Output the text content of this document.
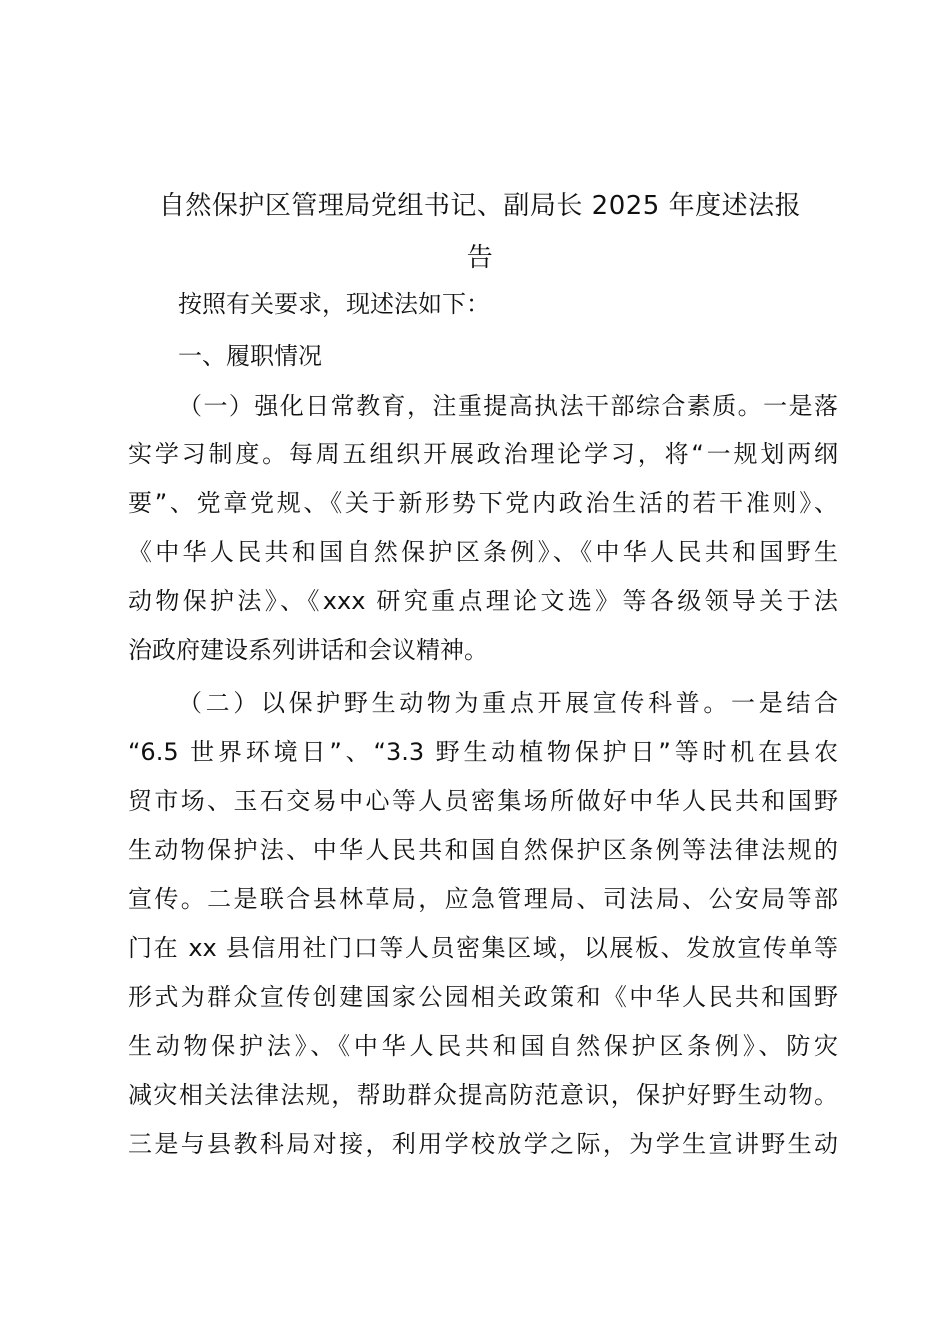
自然保护区管理局党组书记、副局长 2025 年度述法报
告
按照有关要求，现述法如下：
一、履职情况
（一）强化日常教育，注重提高执法干部综合素质。一是落
实学习制度。每周五组织开展政治理论学习，将“一规划两纲
要”、党章党规、《关于新形势下党内政治生活的若干准则》、
《中华人民共和国自然保护区条例》、《中华人民共和国野生
动物保护法》、《xxx 研究重点理论文选》等各级领导关于法
治政府建设系列讲话和会议精神。
（二）以保护野生动物为重点开展宣传科普。一是结合
“6.5 世界环境日”、“3.3 野生动植物保护日”等时机在县农
贸市场、玉石交易中心等人员密集场所做好中华人民共和国野
生动物保护法、中华人民共和国自然保护区条例等法律法规的
宣传。二是联合县林草局，应急管理局、司法局、公安局等部
门在 xx 县信用社门口等人员密集区域，以展板、发放宣传单等
形式为群众宣传创建国家公园相关政策和《中华人民共和国野
生动物保护法》、《中华人民共和国自然保护区条例》、防灾
减灾相关法律法规，帮助群众提高防范意识，保护好野生动物。
三是与县教科局对接，利用学校放学之际，为学生宣讲野生动
